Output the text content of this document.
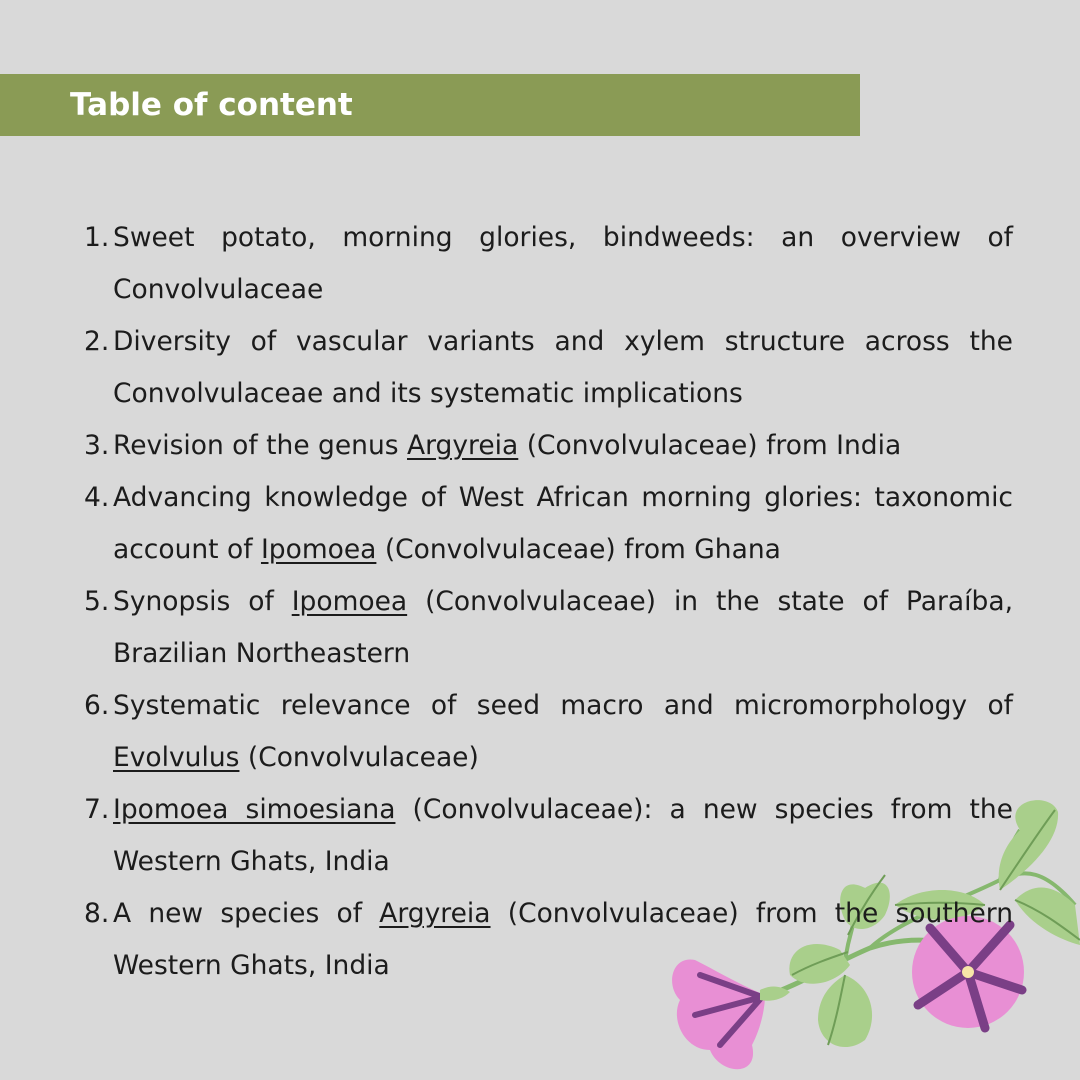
Table of content
1. Sweet potato, morning glories, bindweeds: an overview of Convolvulaceae
2. Diversity of vascular variants and xylem structure across the Convolvulaceae and its systematic implications
3. Revision of the genus Argyreia (Convolvulaceae) from India
4. Advancing knowledge of West African morning glories: taxonomic account of Ipomoea (Convolvulaceae) from Ghana
5. Synopsis of Ipomoea (Convolvulaceae) in the state of Paraíba, Brazilian Northeastern
6. Systematic relevance of seed macro and micromorphology of Evolvulus (Convolvulaceae)
7. Ipomoea simoesiana (Convolvulaceae): a new species from the Western Ghats, India
8. A new species of Argyreia (Convolvulaceae) from the southern Western Ghats, India
